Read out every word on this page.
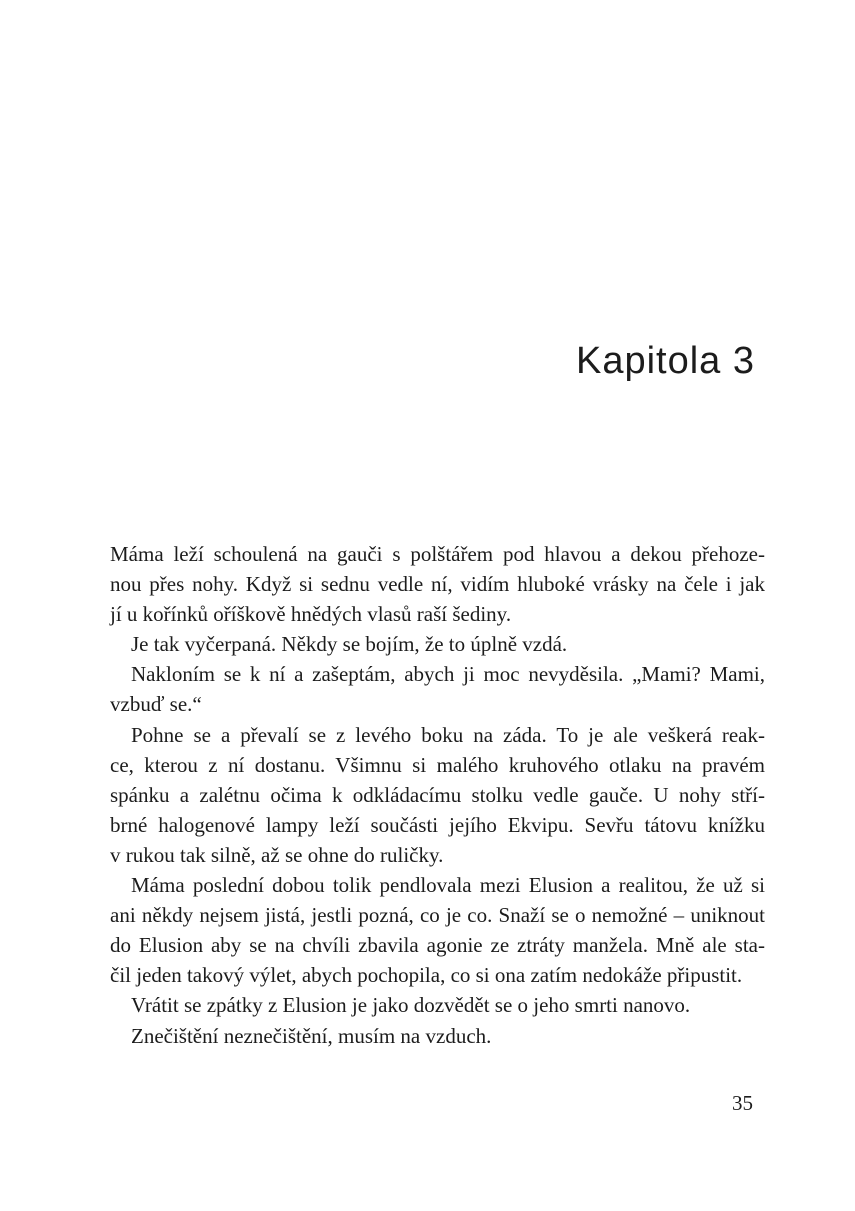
Kapitola 3
Máma leží schoulená na gauči s polštářem pod hlavou a dekou přehoze-
nou přes nohy. Když si sednu vedle ní, vidím hluboké vrásky na čele i jak
jí u kořínků oříškově hnědých vlasů raší šediny.
Je tak vyčerpaná. Někdy se bojím, že to úplně vzdá.
Nakloním se k ní a zašeptám, abych ji moc nevyděsila. „Mami? Mami,
vzbuď se.“
Pohne se a převalí se z levého boku na záda. To je ale veškerá reak-
ce, kterou z ní dostanu. Všimnu si malého kruhového otlaku na pravém
spánku a zalétnu očima k odkládacímu stolku vedle gauče. U nohy stří-
brné halogenové lampy leží součásti jejího Ekvipu. Sevřu tátovu knížku
v rukou tak silně, až se ohne do ruličky.
Máma poslední dobou tolik pendlovala mezi Elusion a realitou, že už si
ani někdy nejsem jistá, jestli pozná, co je co. Snaží se o nemožné – uniknout
do Elusion aby se na chvíli zbavila agonie ze ztráty manžela. Mně ale sta-
čil jeden takový výlet, abych pochopila, co si ona zatím nedokáže připustit.
Vrátit se zpátky z Elusion je jako dozvědět se o jeho smrti nanovo.
Znečištění neznečištění, musím na vzduch.
35
